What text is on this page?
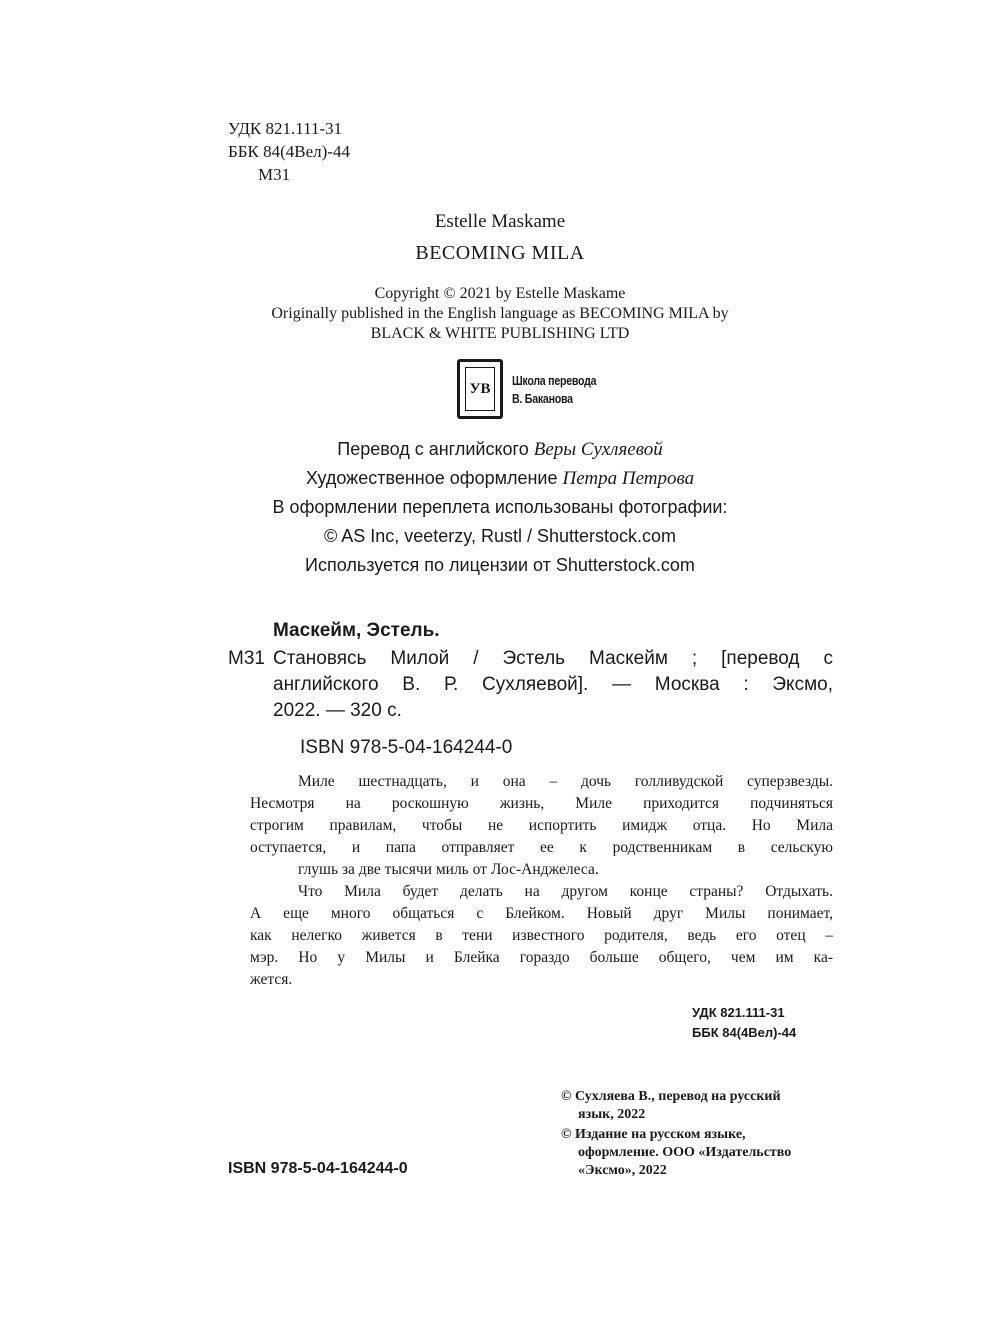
УДК 821.111-31
ББК 84(4Вел)-44
М31
Estelle Maskame
BECOMING MILA
Copyright © 2021 by Estelle Maskame
Originally published in the English language as BECOMING MILA by
BLACK & WHITE PUBLISHING LTD
УВ	Школа перевода
В. Баканова
Перевод с английского Веры Сухляевой
Художественное оформление Петра Петрова
В оформлении переплета использованы фотографии:
© AS Inc, veeterzy, Rustl / Shutterstock.com
Используется по лицензии от Shutterstock.com
Маскейм, Эстель.
М31 Становясь Милой / Эстель Маскейм ; [перевод с
английского В. Р. Сухляевой]. — Москва : Эксмо,
2022. — 320 с.
ISBN 978-5-04-164244-0
Миле шестнадцать, и она – дочь голливудской суперзвезды.
Несмотря на роскошную жизнь, Миле приходится подчиняться
строгим правилам, чтобы не испортить имидж отца. Но Мила
оступается, и папа отправляет ее к родственникам в сельскую
глушь за две тысячи миль от Лос-Анджелеса.
Что Мила будет делать на другом конце страны? Отдыхать.
А еще много общаться с Блейком. Новый друг Милы понимает,
как нелегко живется в тени известного родителя, ведь его отец –
мэр. Но у Милы и Блейка гораздо больше общего, чем им ка-
жется.
УДК 821.111-31
ББК 84(4Вел)-44
© Сухляева В., перевод на русский
язык, 2022
© Издание на русском языке,
оформление. ООО «Издательство
«Эксмо», 2022
ISBN 978-5-04-164244-0
